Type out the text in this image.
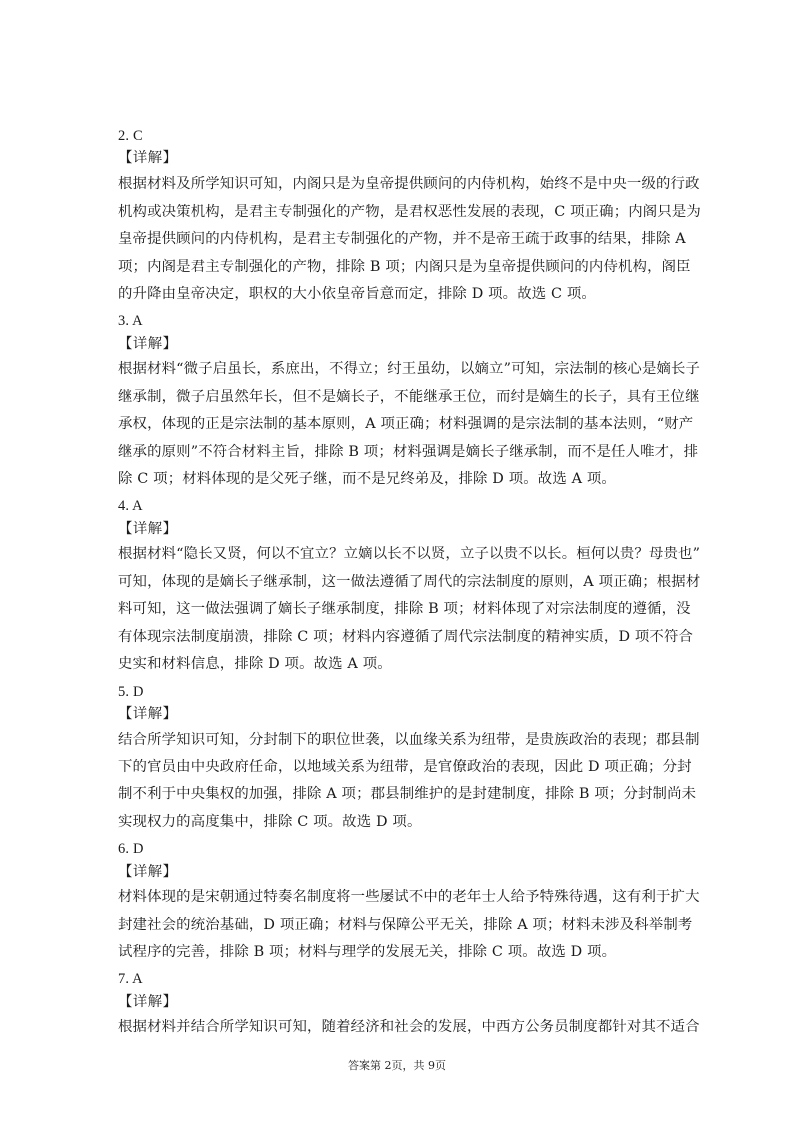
2. C
【详解】
根据材料及所学知识可知，内阁只是为皇帝提供顾问的内侍机构，始终不是中央一级的行政
机构或决策机构，是君主专制强化的产物，是君权恶性发展的表现，C 项正确；内阁只是为
皇帝提供顾问的内侍机构，是君主专制强化的产物，并不是帝王疏于政事的结果，排除 A
项；内阁是君主专制强化的产物，排除 B 项；内阁只是为皇帝提供顾问的内侍机构，阁臣
的升降由皇帝决定，职权的大小依皇帝旨意而定，排除 D 项。故选 C 项。
3. A
【详解】
根据材料“微子启虽长，系庶出，不得立；纣王虽幼，以嫡立”可知，宗法制的核心是嫡长子
继承制，微子启虽然年长，但不是嫡长子，不能继承王位，而纣是嫡生的长子，具有王位继
承权，体现的正是宗法制的基本原则，A 项正确；材料强调的是宗法制的基本法则，“财产
继承的原则”不符合材料主旨，排除 B 项；材料强调是嫡长子继承制，而不是任人唯才，排
除 C 项；材料体现的是父死子继，而不是兄终弟及，排除 D 项。故选 A 项。
4. A
【详解】
根据材料“隐长又贤，何以不宜立？立嫡以长不以贤，立子以贵不以长。桓何以贵？母贵也”
可知，体现的是嫡长子继承制，这一做法遵循了周代的宗法制度的原则，A 项正确；根据材
料可知，这一做法强调了嫡长子继承制度，排除 B 项；材料体现了对宗法制度的遵循，没
有体现宗法制度崩溃，排除 C 项；材料内容遵循了周代宗法制度的精神实质，D 项不符合
史实和材料信息，排除 D 项。故选 A 项。
5. D
【详解】
结合所学知识可知，分封制下的职位世袭，以血缘关系为纽带，是贵族政治的表现；郡县制
下的官员由中央政府任命，以地域关系为纽带，是官僚政治的表现，因此 D 项正确；分封
制不利于中央集权的加强，排除 A 项；郡县制维护的是封建制度，排除 B 项；分封制尚未
实现权力的高度集中，排除 C 项。故选 D 项。
6. D
【详解】
材料体现的是宋朝通过特奏名制度将一些屡试不中的老年士人给予特殊待遇，这有利于扩大
封建社会的统治基础，D 项正确；材料与保障公平无关，排除 A 项；材料未涉及科举制考
试程序的完善，排除 B 项；材料与理学的发展无关，排除 C 项。故选 D 项。
7. A
【详解】
根据材料并结合所学知识可知，随着经济和社会的发展，中西方公务员制度都针对其不适合
答案第 2页，共 9页
